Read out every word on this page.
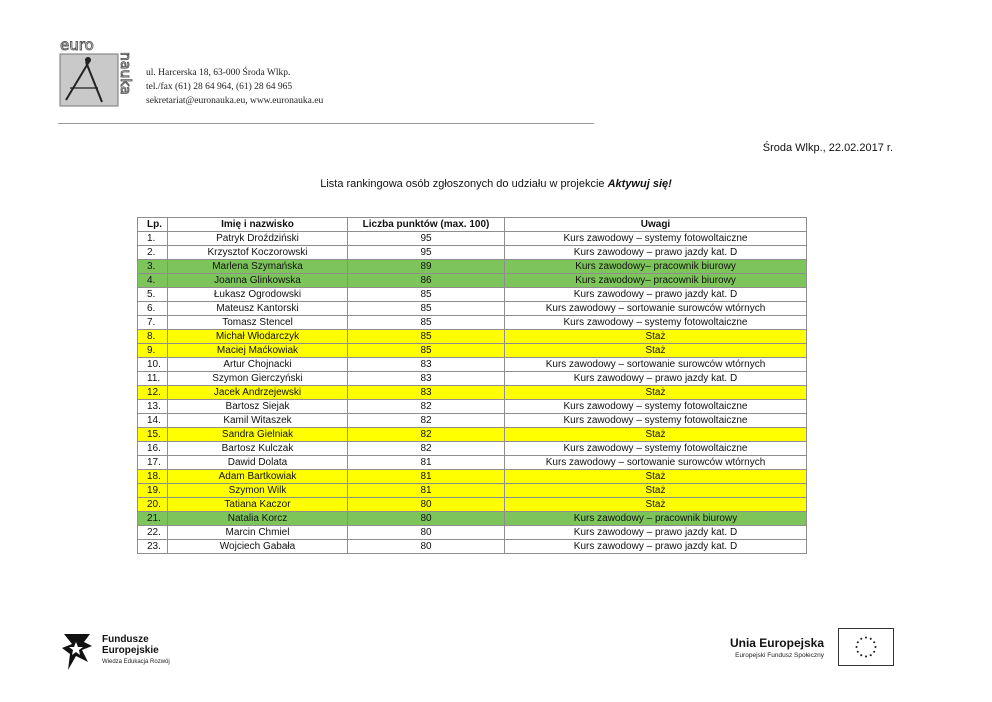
euro
nauka ul. Harcerska 18, 63-000 Środa Wlkp.
tel./fax (61) 28 64 964, (61) 28 64 965
sekretariat@euronauka.eu, www.euronauka.eu
Środa Wlkp., 22.02.2017 r.
Lista rankingowa osób zgłoszonych do udziału w projekcie Aktywuj się!
Lp.	Imię i nazwisko	Liczba punktów (max. 100)	Uwagi
1.	Patryk Droździński	95	Kurs zawodowy – systemy fotowoltaiczne
2.	Krzysztof Koczorowski	95	Kurs zawodowy – prawo jazdy kat. D
3.	Marlena Szymańska	89	Kurs zawodowy– pracownik biurowy
4.	Joanna Glinkowska	86	Kurs zawodowy– pracownik biurowy
5.	Łukasz Ogrodowski	85	Kurs zawodowy – prawo jazdy kat. D
6.	Mateusz Kantorski	85	Kurs zawodowy – sortowanie surowców wtórnych
7.	Tomasz Stencel	85	Kurs zawodowy – systemy fotowoltaiczne
8.	Michał Włodarczyk	85	Staż
9.	Maciej Maćkowiak	85	Staż
10.	Artur Chojnacki	83	Kurs zawodowy – sortowanie surowców wtórnych
11.	Szymon Gierczyński	83	Kurs zawodowy – prawo jazdy kat. D
12.	Jacek Andrzejewski	83	Staż
13.	Bartosz Siejak	82	Kurs zawodowy – systemy fotowoltaiczne
14.	Kamil Witaszek	82	Kurs zawodowy – systemy fotowoltaiczne
15.	Sandra Gielniak	82	Staż
16.	Bartosz Kulczak	82	Kurs zawodowy – systemy fotowoltaiczne
17.	Dawid Dolata	81	Kurs zawodowy – sortowanie surowców wtórnych
18.	Adam Bartkowiak	81	Staż
19.	Szymon Wilk	81	Staż
20.	Tatiana Kaczor	80	Staż
21.	Natalia Korcz	80	Kurs zawodowy – pracownik biurowy
22.	Marcin Chmiel	80	Kurs zawodowy – prawo jazdy kat. D
23.	Wojciech Gabała	80	Kurs zawodowy – prawo jazdy kat. D
Fundusze
Europejskie
Wiedza Edukacja Rozwój
Unia Europejska
Europejski Fundusz Społeczny
